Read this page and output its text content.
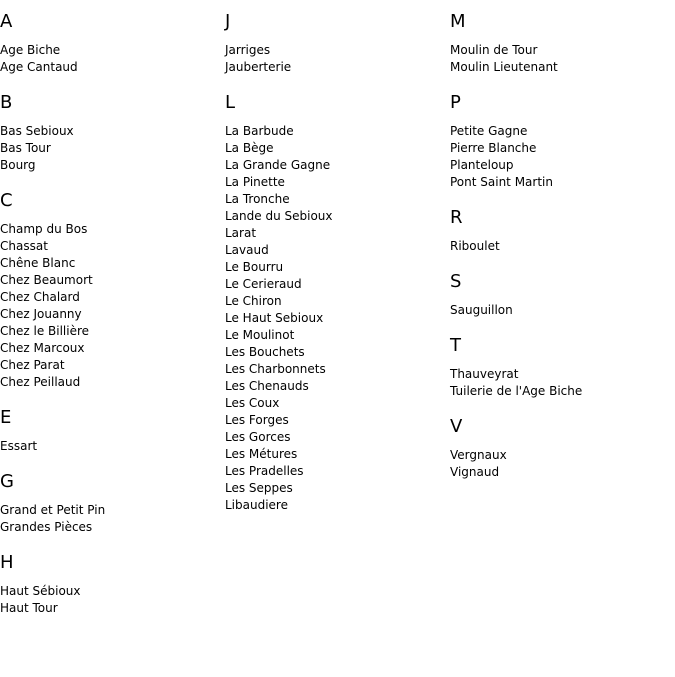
A
Age Biche
Age Cantaud
B
Bas Sebioux
Bas Tour
Bourg
C
Champ du Bos
Chassat
Chêne Blanc
Chez Beaumort
Chez Chalard
Chez Jouanny
Chez le Billière
Chez Marcoux
Chez Parat
Chez Peillaud
E
Essart
G
Grand et Petit Pin
Grandes Pièces
H
Haut Sébioux
Haut Tour
J
Jarriges
Jauberterie
L
La Barbude
La Bège
La Grande Gagne
La Pinette
La Tronche
Lande du Sebioux
Larat
Lavaud
Le Bourru
Le Cerieraud
Le Chiron
Le Haut Sebioux
Le Moulinot
Les Bouchets
Les Charbonnets
Les Chenauds
Les Coux
Les Forges
Les Gorces
Les Métures
Les Pradelles
Les Seppes
Libaudiere
M
Moulin de Tour
Moulin Lieutenant
P
Petite Gagne
Pierre Blanche
Planteloup
Pont Saint Martin
R
Riboulet
S
Sauguillon
T
Thauveyrat
Tuilerie de l'Age Biche
V
Vergnaux
Vignaud
